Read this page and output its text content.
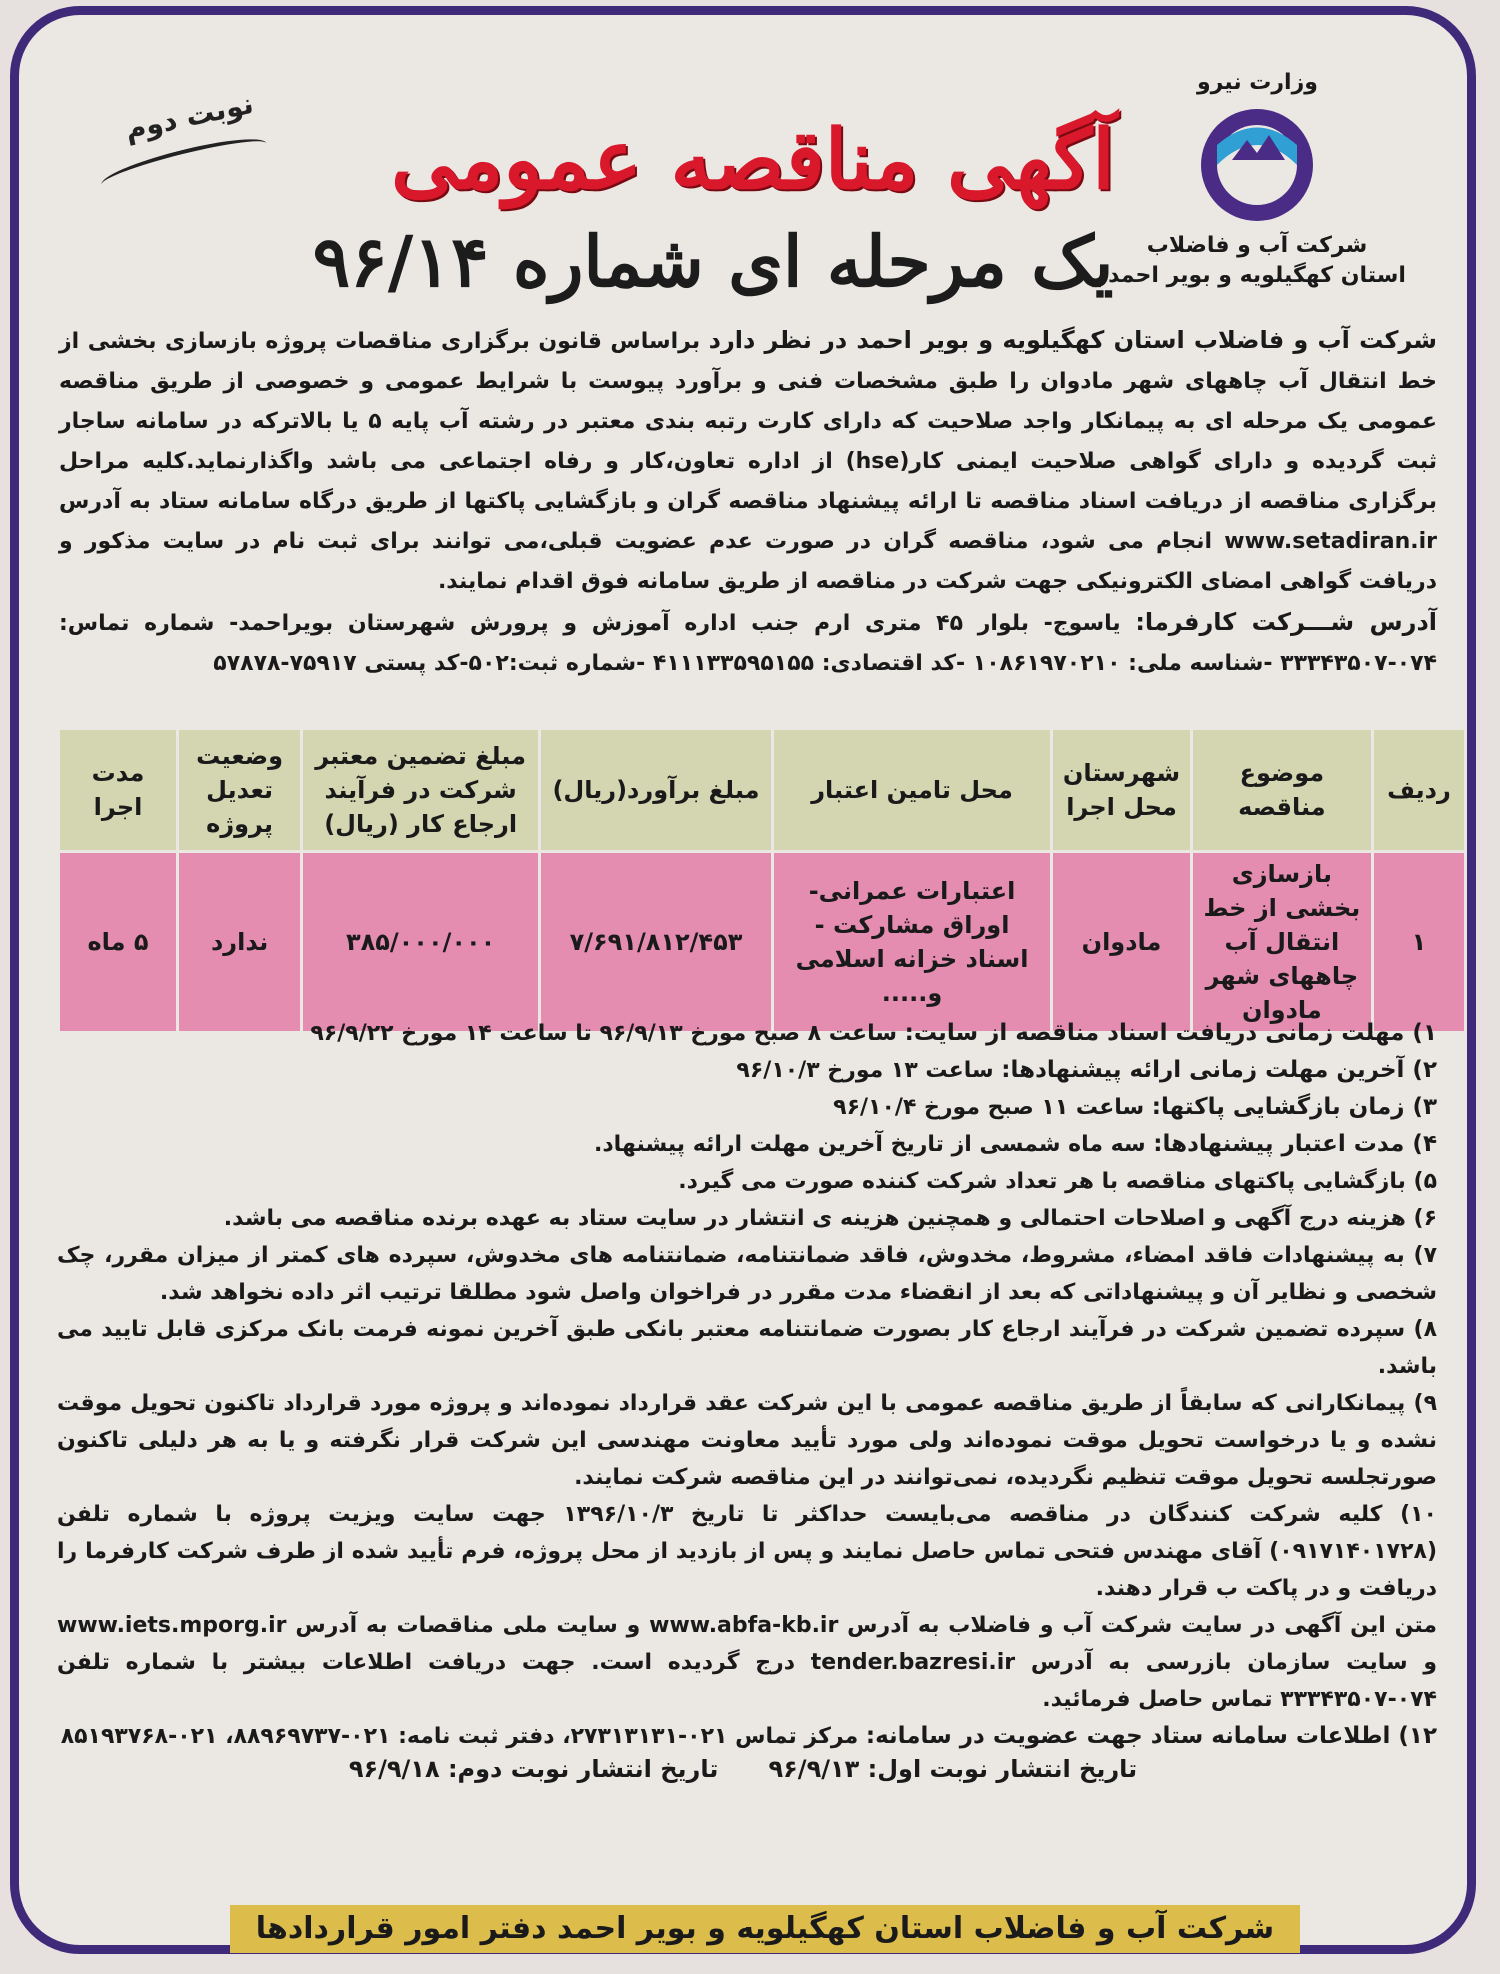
وزارت نیرو
شرکت آب و فاضلاب
استان کهگیلویه و بویر احمد
آگهی مناقصه عمومی
یک مرحله ای شماره ۹۶/۱۴
نوبت دوم
شرکت آب و فاضلاب استان کهگیلویه و بویر احمد در نظر دارد براساس قانون برگزاری مناقصات پروژه بازسازی بخشی از خط انتقال آب چاههای شهر مادوان را طبق مشخصات فنی و برآورد پیوست با شرایط عمومی و خصوصی از طریق مناقصه عمومی یک مرحله ای به پیمانکار واجد صلاحیت که دارای کارت رتبه بندی معتبر در رشته آب پایه ۵ یا بالاترکه در سامانه ساجار ثبت گردیده و دارای گواهی صلاحیت ایمنی کار(hse) از اداره تعاون،کار و رفاه اجتماعی می باشد واگذارنماید.کلیه مراحل برگزاری مناقصه از دریافت اسناد مناقصه تا ارائه پیشنهاد مناقصه گران و بازگشایی پاکتها از طریق درگاه سامانه ستاد به آدرس www.setadiran.ir انجام می شود، مناقصه گران در صورت عدم عضویت قبلی،می توانند برای ثبت نام در سایت مذکور و دریافت گواهی امضای الکترونیکی جهت شرکت در مناقصه از طریق سامانه فوق اقدام نمایند.
آدرس شـــرکت کارفرما: یاسوج- بلوار ۴۵ متری ارم جنب اداره آموزش و پرورش شهرستان بویراحمد- شماره تماس: ۰۷۴-۳۳۳۴۳۵۰۷ -شناسه ملی: ۱۰۸۶۱۹۷۰۲۱۰ -کد اقتصادی: ۴۱۱۱۳۳۵۹۵۱۵۵ -شماره ثبت:۵۰۲-کد پستی ۷۵۹۱۷-۵۷۸۷۸
ردیف	موضوع مناقصه	شهرستان محل اجرا	محل تامین اعتبار	مبلغ برآورد(ریال)	مبلغ تضمین معتبر شرکت در فرآیند ارجاع کار (ریال)	وضعیت تعدیل پروژه	مدت اجرا
۱	بازسازی بخشی از خط انتقال آب چاههای شهر مادوان	مادوان	اعتبارات عمرانی- اوراق مشارکت - اسناد خزانه اسلامی و.....	۷/۶۹۱/۸۱۲/۴۵۳	۳۸۵/۰۰۰/۰۰۰	ندارد	۵ ماه

۱) مهلت زمانی دریافت اسناد مناقصه از سایت: ساعت ۸ صبح مورخ ۹۶/۹/۱۳ تا ساعت ۱۴ مورخ ۹۶/۹/۲۲

۲) آخرین مهلت زمانی ارائه پیشنهادها: ساعت ۱۳ مورخ ۹۶/۱۰/۳

۳) زمان بازگشایی پاکتها: ساعت ۱۱ صبح مورخ ۹۶/۱۰/۴

۴) مدت اعتبار پیشنهادها: سه ماه شمسی از تاریخ آخرین مهلت ارائه پیشنهاد.

۵) بازگشایی پاکتهای مناقصه با هر تعداد شرکت کننده صورت می گیرد.

۶) هزینه درج آگهی و اصلاحات احتمالی و همچنین هزینه ی انتشار در سایت ستاد به عهده برنده مناقصه می باشد.

۷) به پیشنهادات فاقد امضاء، مشروط، مخدوش، فاقد ضمانتنامه، ضمانتنامه های مخدوش، سپرده های کمتر از میزان مقرر، چک شخصی و نظایر آن و پیشنهاداتی که بعد از انقضاء مدت مقرر در فراخوان واصل شود مطلقا ترتیب اثر داده نخواهد شد.

۸) سپرده تضمین شرکت در فرآیند ارجاع کار بصورت ضمانتنامه معتبر بانکی طبق آخرین نمونه فرمت بانک مرکزی قابل تایید می باشد.

۹) پیمانکارانی که سابقاً از طریق مناقصه عمومی با این شرکت عقد قرارداد نموده‌اند و پروژه مورد قرارداد تاکنون تحویل موقت نشده و یا درخواست تحویل موقت نموده‌اند ولی مورد تأیید معاونت مهندسی این شرکت قرار نگرفته و یا به هر دلیلی تاکنون صورتجلسه تحویل موقت تنظیم نگردیده، نمی‌توانند در این مناقصه شرکت نمایند.

۱۰) کلیه شرکت کنندگان در مناقصه می‌بایست حداکثر تا تاریخ ۱۳۹۶/۱۰/۳ جهت سایت ویزیت پروژه با شماره تلفن (۰۹۱۷۱۴۰۱۷۲۸) آقای مهندس فتحی تماس حاصل نمایند و پس از بازدید از محل پروژه، فرم تأیید شده از طرف شرکت کارفرما را دریافت و در پاکت ب قرار دهند.

متن این آگهی در سایت شرکت آب و فاضلاب به آدرس www.abfa-kb.ir و سایت ملی مناقصات به آدرس www.iets.mporg.ir و سایت سازمان بازرسی به آدرس tender.bazresi.ir درج گردیده است. جهت دریافت اطلاعات بیشتر با شماره تلفن ۰۷۴-۳۳۳۴۳۵۰۷ تماس حاصل فرمائید.

۱۲) اطلاعات سامانه ستاد جهت عضویت در سامانه: مرکز تماس ۰۲۱-۲۷۳۱۳۱۳۱، دفتر ثبت نامه: ۰۲۱-۸۸۹۶۹۷۳۷، ۰۲۱-۸۵۱۹۳۷۶۸

تاریخ انتشار نوبت اول: ۹۶/۹/۱۳      تاریخ انتشار نوبت دوم: ۹۶/۹/۱۸
شرکت آب و فاضلاب استان کهگیلویه و بویر احمد دفتر امور قراردادها
